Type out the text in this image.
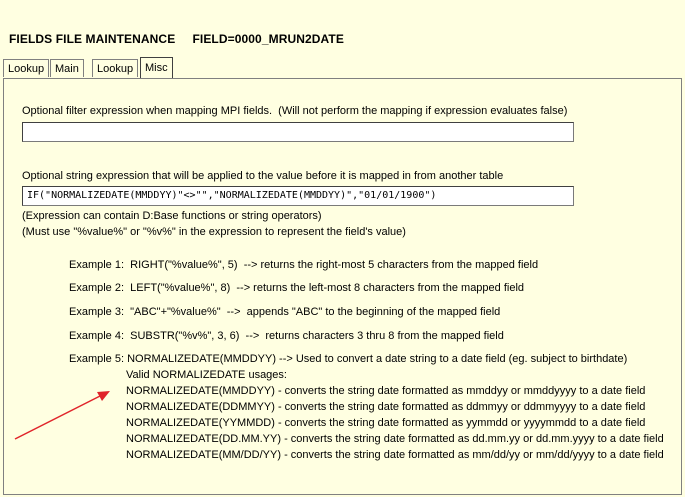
FIELDS FILE MAINTENANCE     FIELD=0000_MRUN2DATE
Lookup Main	Lookup	Misc
Optional filter expression when mapping MPI fields.  (Will not perform the mapping if expression evaluates false)
Optional string expression that will be applied to the value before it is mapped in from another table
IF("NORMALIZEDATE(MMDDYY)"<>"","NORMALIZEDATE(MMDDYY)","01/01/1900")
(Expression can contain D:Base functions or string operators)
(Must use "%value%" or "%v%" in the expression to represent the field's value)
Example 1:  RIGHT("%value%", 5)  --> returns the right-most 5 characters from the mapped field
Example 2:  LEFT("%value%", 8)  --> returns the left-most 8 characters from the mapped field
Example 3:  "ABC"+"%value%"  -->  appends "ABC" to the beginning of the mapped field
Example 4:  SUBSTR("%v%", 3, 6)  -->  returns characters 3 thru 8 from the mapped field
Example 5: NORMALIZEDATE(MMDDYY) --> Used to convert a date string to a date field (eg. subject to birthdate)
Valid NORMALIZEDATE usages:
NORMALIZEDATE(MMDDYY) - converts the string date formatted as mmddyy or mmddyyyy to a date field
NORMALIZEDATE(DDMMYY) - converts the string date formatted as ddmmyy or ddmmyyyy to a date field
NORMALIZEDATE(YYMMDD) - converts the string date formatted as yymmdd or yyyymmdd to a date field
NORMALIZEDATE(DD.MM.YY) - converts the string date formatted as dd.mm.yy or dd.mm.yyyy to a date field
NORMALIZEDATE(MM/DD/YY) - converts the string date formatted as mm/dd/yy or mm/dd/yyyy to a date field
